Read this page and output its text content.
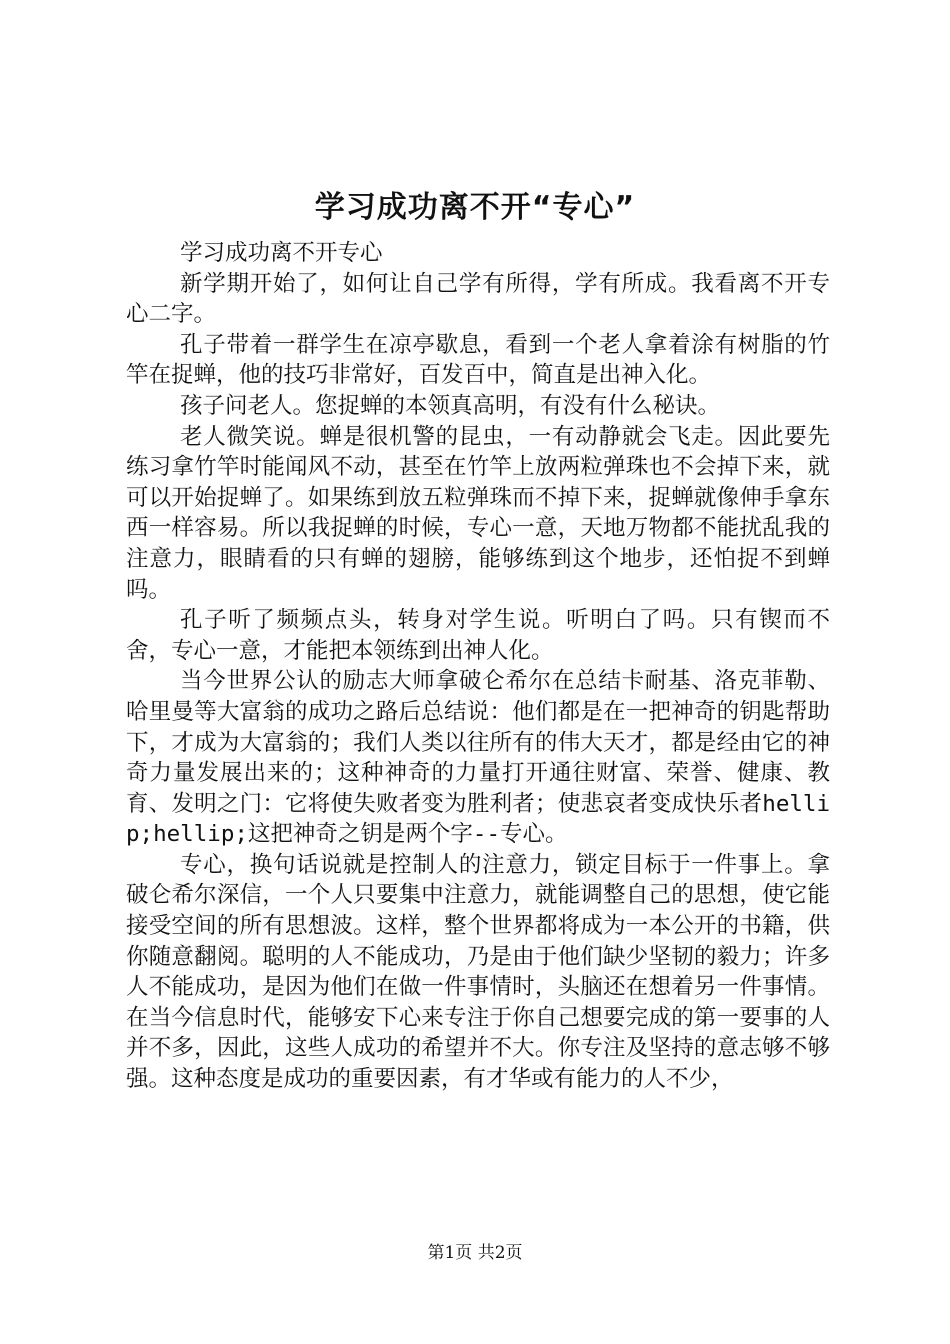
学习成功离不开“专心”

学习成功离不开专心

新学期开始了，如何让自己学有所得，学有所成。我看离不开专心二字。

孔子带着一群学生在凉亭歇息，看到一个老人拿着涂有树脂的竹竿在捉蝉，他的技巧非常好，百发百中，简直是出神入化。

孩子问老人。您捉蝉的本领真高明，有没有什么秘诀。

老人微笑说。蝉是很机警的昆虫，一有动静就会飞走。因此要先练习拿竹竿时能闻风不动，甚至在竹竿上放两粒弹珠也不会掉下来，就可以开始捉蝉了。如果练到放五粒弹珠而不掉下来，捉蝉就像伸手拿东西一样容易。所以我捉蝉的时候，专心一意，天地万物都不能扰乱我的注意力，眼睛看的只有蝉的翅膀，能够练到这个地步，还怕捉不到蝉吗。

孔子听了频频点头，转身对学生说。听明白了吗。只有锲而不舍，专心一意，才能把本领练到出神人化。

当今世界公认的励志大师拿破仑希尔在总结卡耐基、洛克菲勒、哈里曼等大富翁的成功之路后总结说：他们都是在一把神奇的钥匙帮助下，才成为大富翁的；我们人类以往所有的伟大天才，都是经由它的神奇力量发展出来的；这种神奇的力量打开通往财富、荣誉、健康、教育、发明之门：它将使失败者变为胜利者；使悲哀者变成快乐者hellip;hellip;这把神奇之钥是两个字--专心。

专心，换句话说就是控制人的注意力，锁定目标于一件事上。拿破仑希尔深信，一个人只要集中注意力，就能调整自己的思想，使它能接受空间的所有思想波。这样，整个世界都将成为一本公开的书籍，供你随意翻阅。聪明的人不能成功，乃是由于他们缺少坚韧的毅力；许多人不能成功，是因为他们在做一件事情时，头脑还在想着另一件事情。在当今信息时代，能够安下心来专注于你自己想要完成的第一要事的人并不多，因此，这些人成功的希望并不大。你专注及坚持的意志够不够强。这种态度是成功的重要因素，有才华或有能力的人不少，

第1页 共2页
